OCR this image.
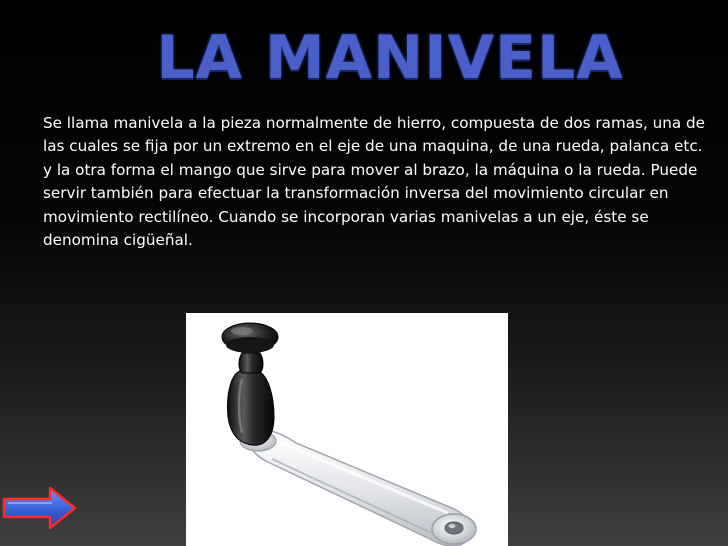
LA MANIVELA

Se llama manivela a la pieza normalmente de hierro, compuesta de dos ramas, una de las cuales se fija por un extremo en el eje de una maquina, de una rueda, palanca etc. y la otra forma el mango que sirve para mover al brazo, la máquina o la rueda. Puede servir también para efectuar la transformación inversa del movimiento circular en movimiento rectilíneo. Cuando se incorporan varias manivelas a un eje, éste se denomina cigüeñal.
